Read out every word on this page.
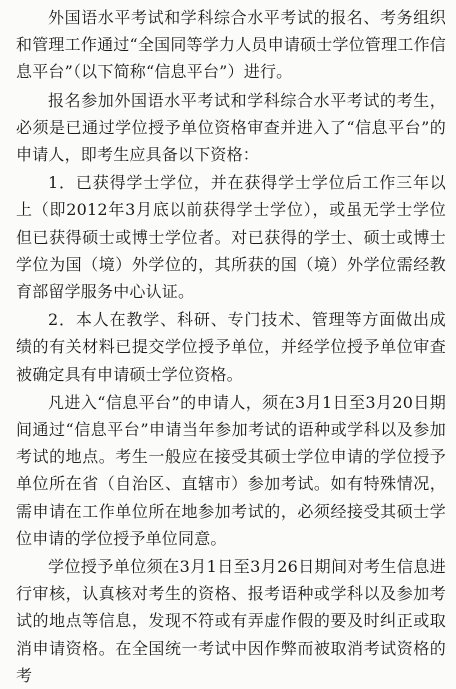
外国语水平考试和学科综合水平考试的报名、考务组织和管理工作通过“全国同等学力人员申请硕士学位管理工作信息平台”（以下简称“信息平台”）进行。

报名参加外国语水平考试和学科综合水平考试的考生，必须是已通过学位授予单位资格审查并进入了“信息平台”的申请人，即考生应具备以下资格：

1．已获得学士学位，并在获得学士学位后工作三年以上（即2012年3月底以前获得学士学位），或虽无学士学位但已获得硕士或博士学位者。对已获得的学士、硕士或博士学位为国（境）外学位的，其所获的国（境）外学位需经教育部留学服务中心认证。

2．本人在教学、科研、专门技术、管理等方面做出成绩的有关材料已提交学位授予单位，并经学位授予单位审查被确定具有申请硕士学位资格。

凡进入“信息平台”的申请人，须在3月1日至3月20日期间通过“信息平台”申请当年参加考试的语种或学科以及参加考试的地点。考生一般应在接受其硕士学位申请的学位授予单位所在省（自治区、直辖市）参加考试。如有特殊情况，需申请在工作单位所在地参加考试的，必须经接受其硕士学位申请的学位授予单位同意。

学位授予单位须在3月1日至3月26日期间对考生信息进行审核，认真核对考生的资格、报考语种或学科以及参加考试的地点等信息，发现不符或有弄虚作假的要及时纠正或取消申请资格。在全国统一考试中因作弊而被取消考试资格的考
